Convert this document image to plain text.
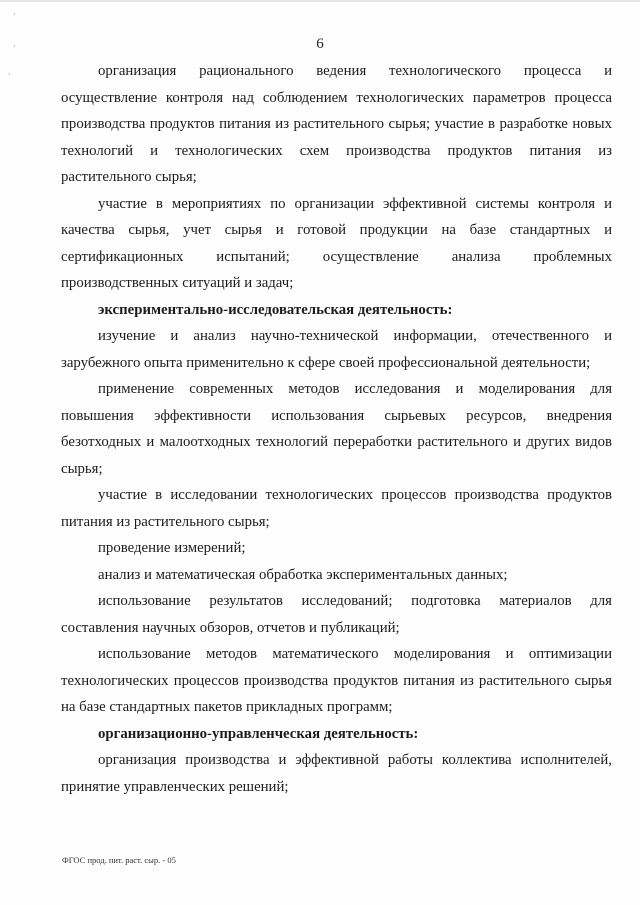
·
·
·
6

организация рационального ведения технологического процесса и осуществление контроля над соблюдением технологических параметров процесса производства продуктов питания из растительного сырья; участие в разработке новых технологий и технологических схем производства продуктов питания из растительного сырья;

участие в мероприятиях по организации эффективной системы контроля и качества сырья, учет сырья и готовой продукции на базе стандартных и сертификационных испытаний; осуществление анализа проблемных производственных ситуаций и задач;

экспериментально-исследовательская деятельность:

изучение и анализ научно-технической информации, отечественного и зарубежного опыта применительно к сфере своей профессиональной деятельности;

применение современных методов исследования и моделирования для повышения эффективности использования сырьевых ресурсов, внедрения безотходных и малоотходных технологий переработки растительного и других видов сырья;

участие в исследовании технологических процессов производства продуктов питания из растительного сырья;

проведение измерений;

анализ и математическая обработка экспериментальных данных;

использование результатов исследований; подготовка материалов для составления научных обзоров, отчетов и публикаций;

использование методов математического моделирования и оптимизации технологических процессов производства продуктов питания из растительного сырья на базе стандартных пакетов прикладных программ;

организационно-управленческая деятельность:

организация производства и эффективной работы коллектива исполнителей, принятие управленческих решений;

ФГОС прод. пит. раст. сыр. - 05
